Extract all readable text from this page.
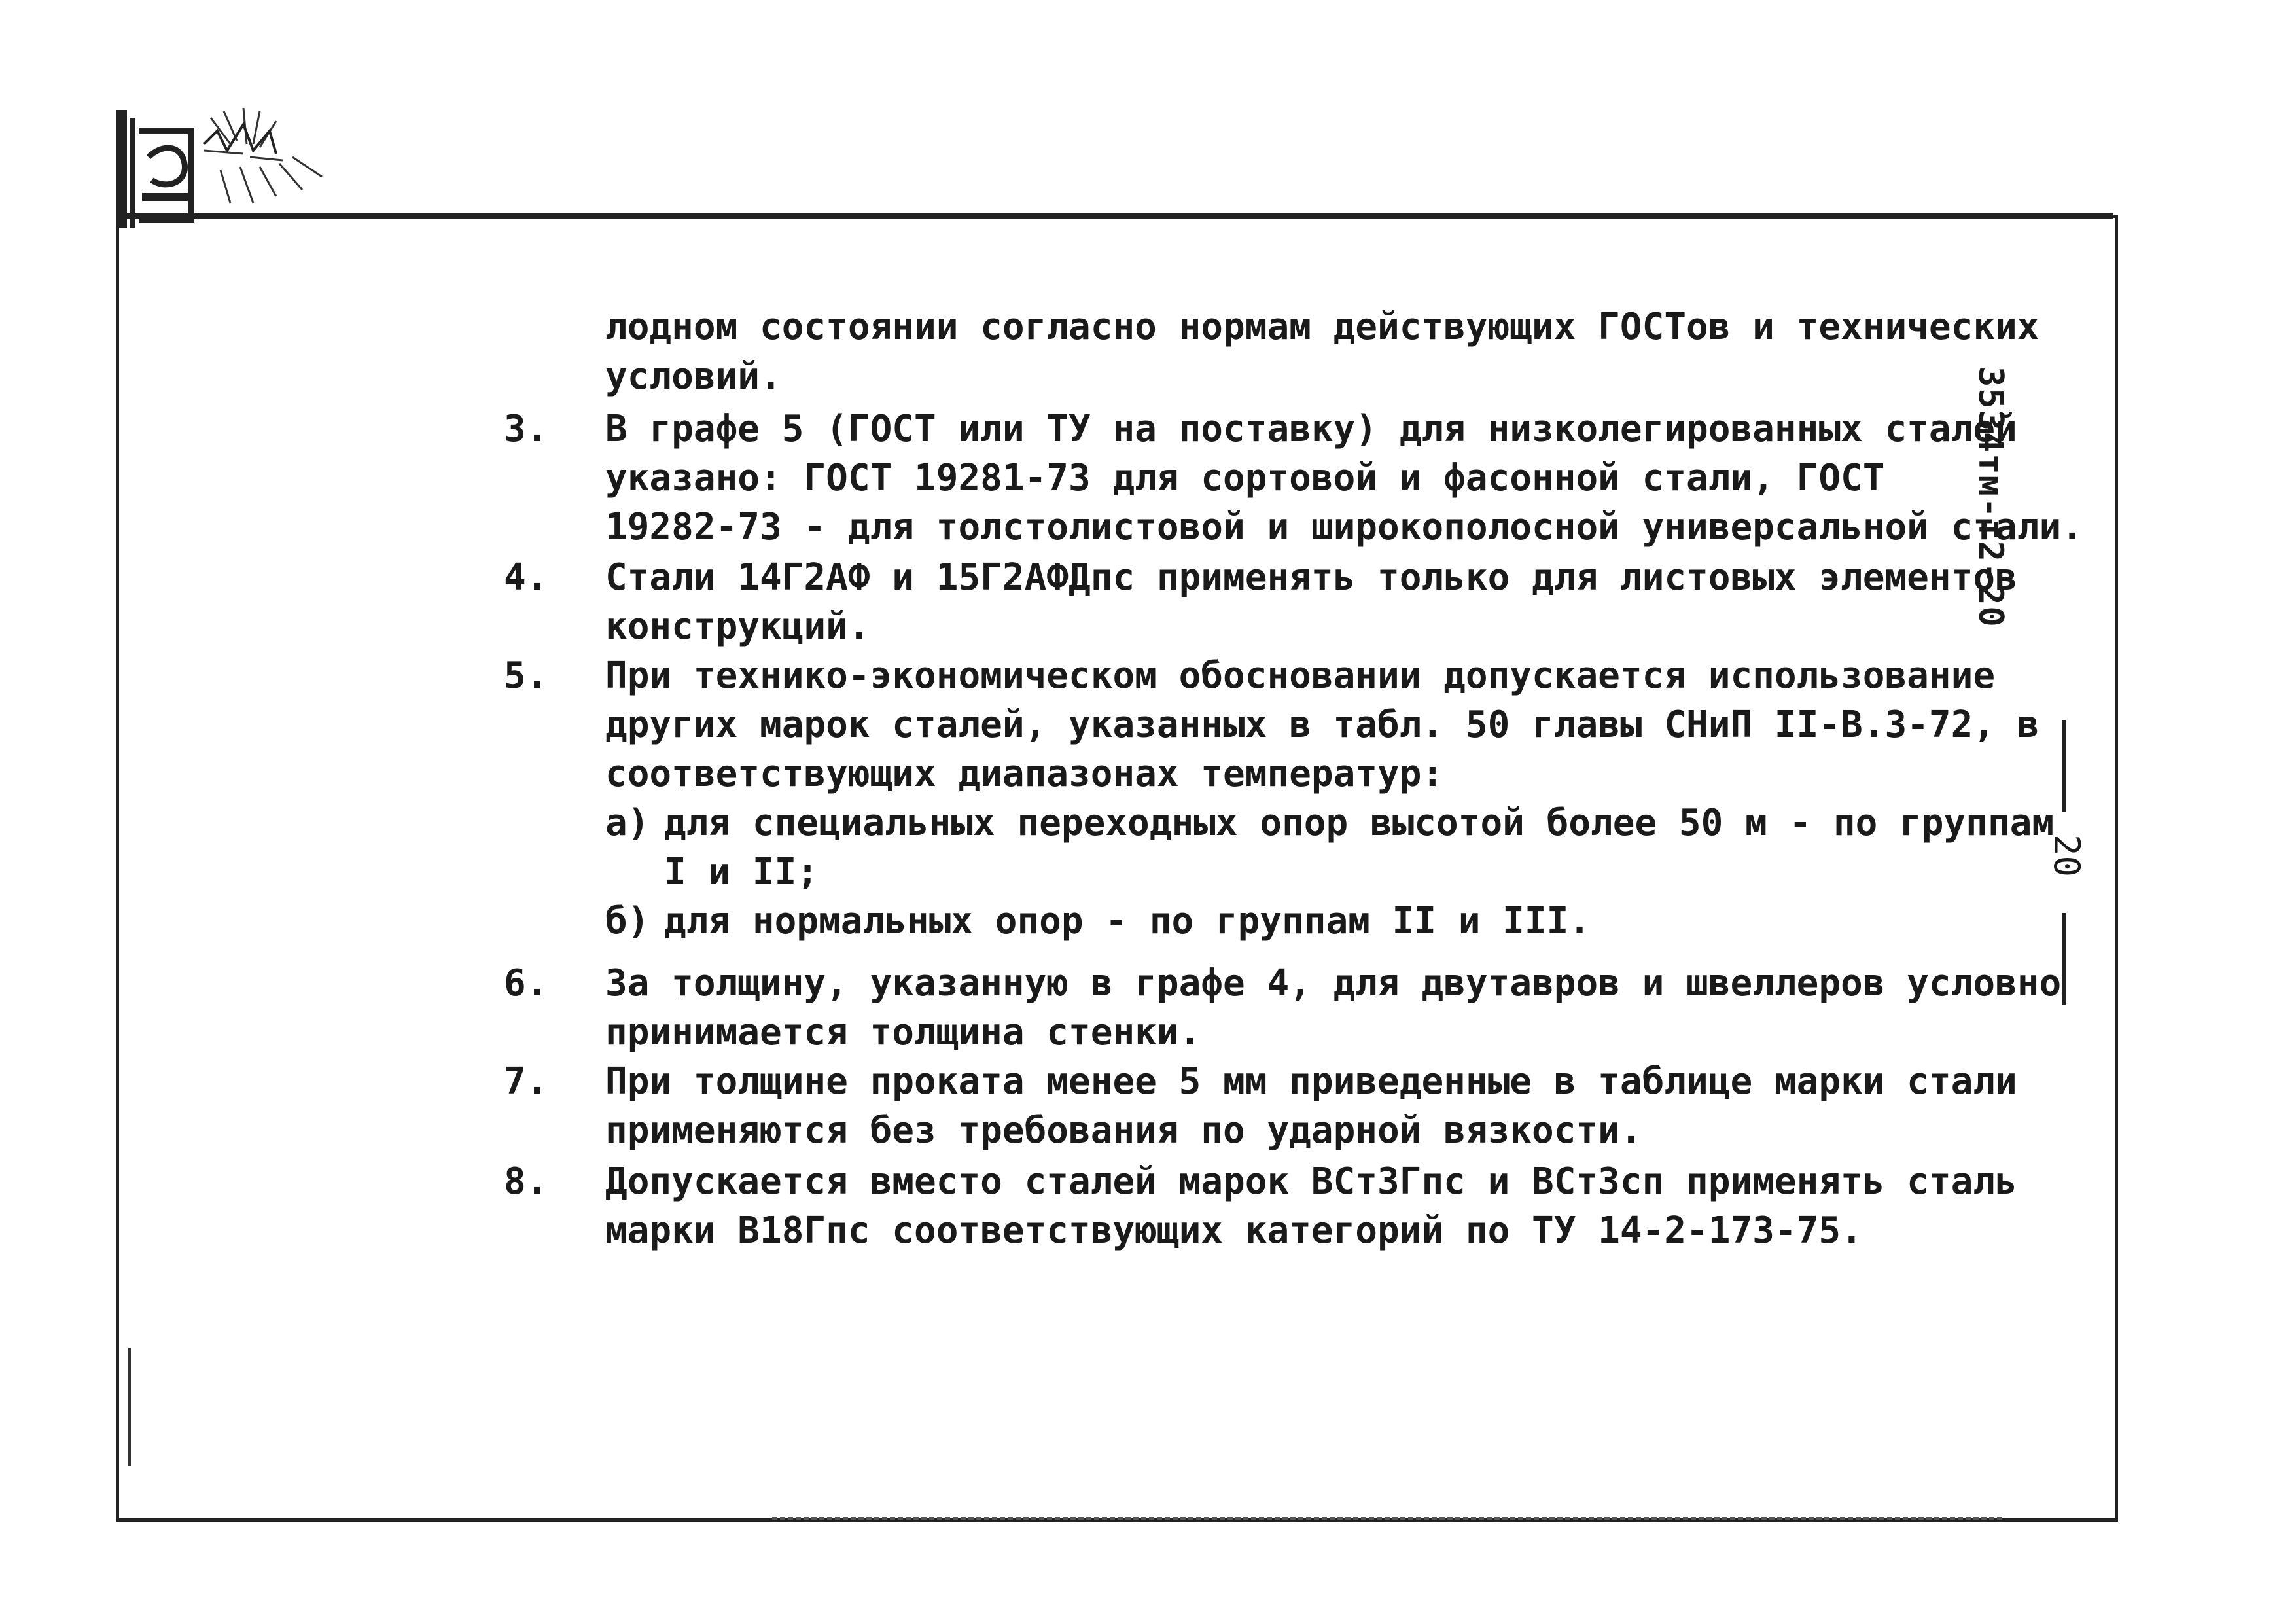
3534тм-т2-20
20
лодном состоянии согласно нормам действующих ГОСТов и технических
условий.
3. В графе 5 (ГОСТ или ТУ на поставку) для низколегированных сталей
указано: ГОСТ 19281-73 для сортовой и фасонной стали, ГОСТ
19282-73 - для толстолистовой и широкополосной универсальной стали.
4. Стали 14Г2АФ и 15Г2АФДпс применять только для листовых элементов
конструкций.
5. При технико-экономическом обосновании допускается использование
других марок сталей, указанных в табл. 50 главы СНиП II-В.3-72, в
соответствующих диапазонах температур:
а) для специальных переходных опор высотой более 50 м - по группам
I и II;
б) для нормальных опор - по группам II и III.
6. За толщину, указанную в графе 4, для двутавров и швеллеров условно
принимается толщина стенки.
7. При толщине проката менее 5 мм приведенные в таблице марки стали
применяются без требования по ударной вязкости.
8. Допускается вместо сталей марок ВСт3Гпс и ВСт3сп применять сталь
марки В18Гпс соответствующих категорий по ТУ 14-2-173-75.
